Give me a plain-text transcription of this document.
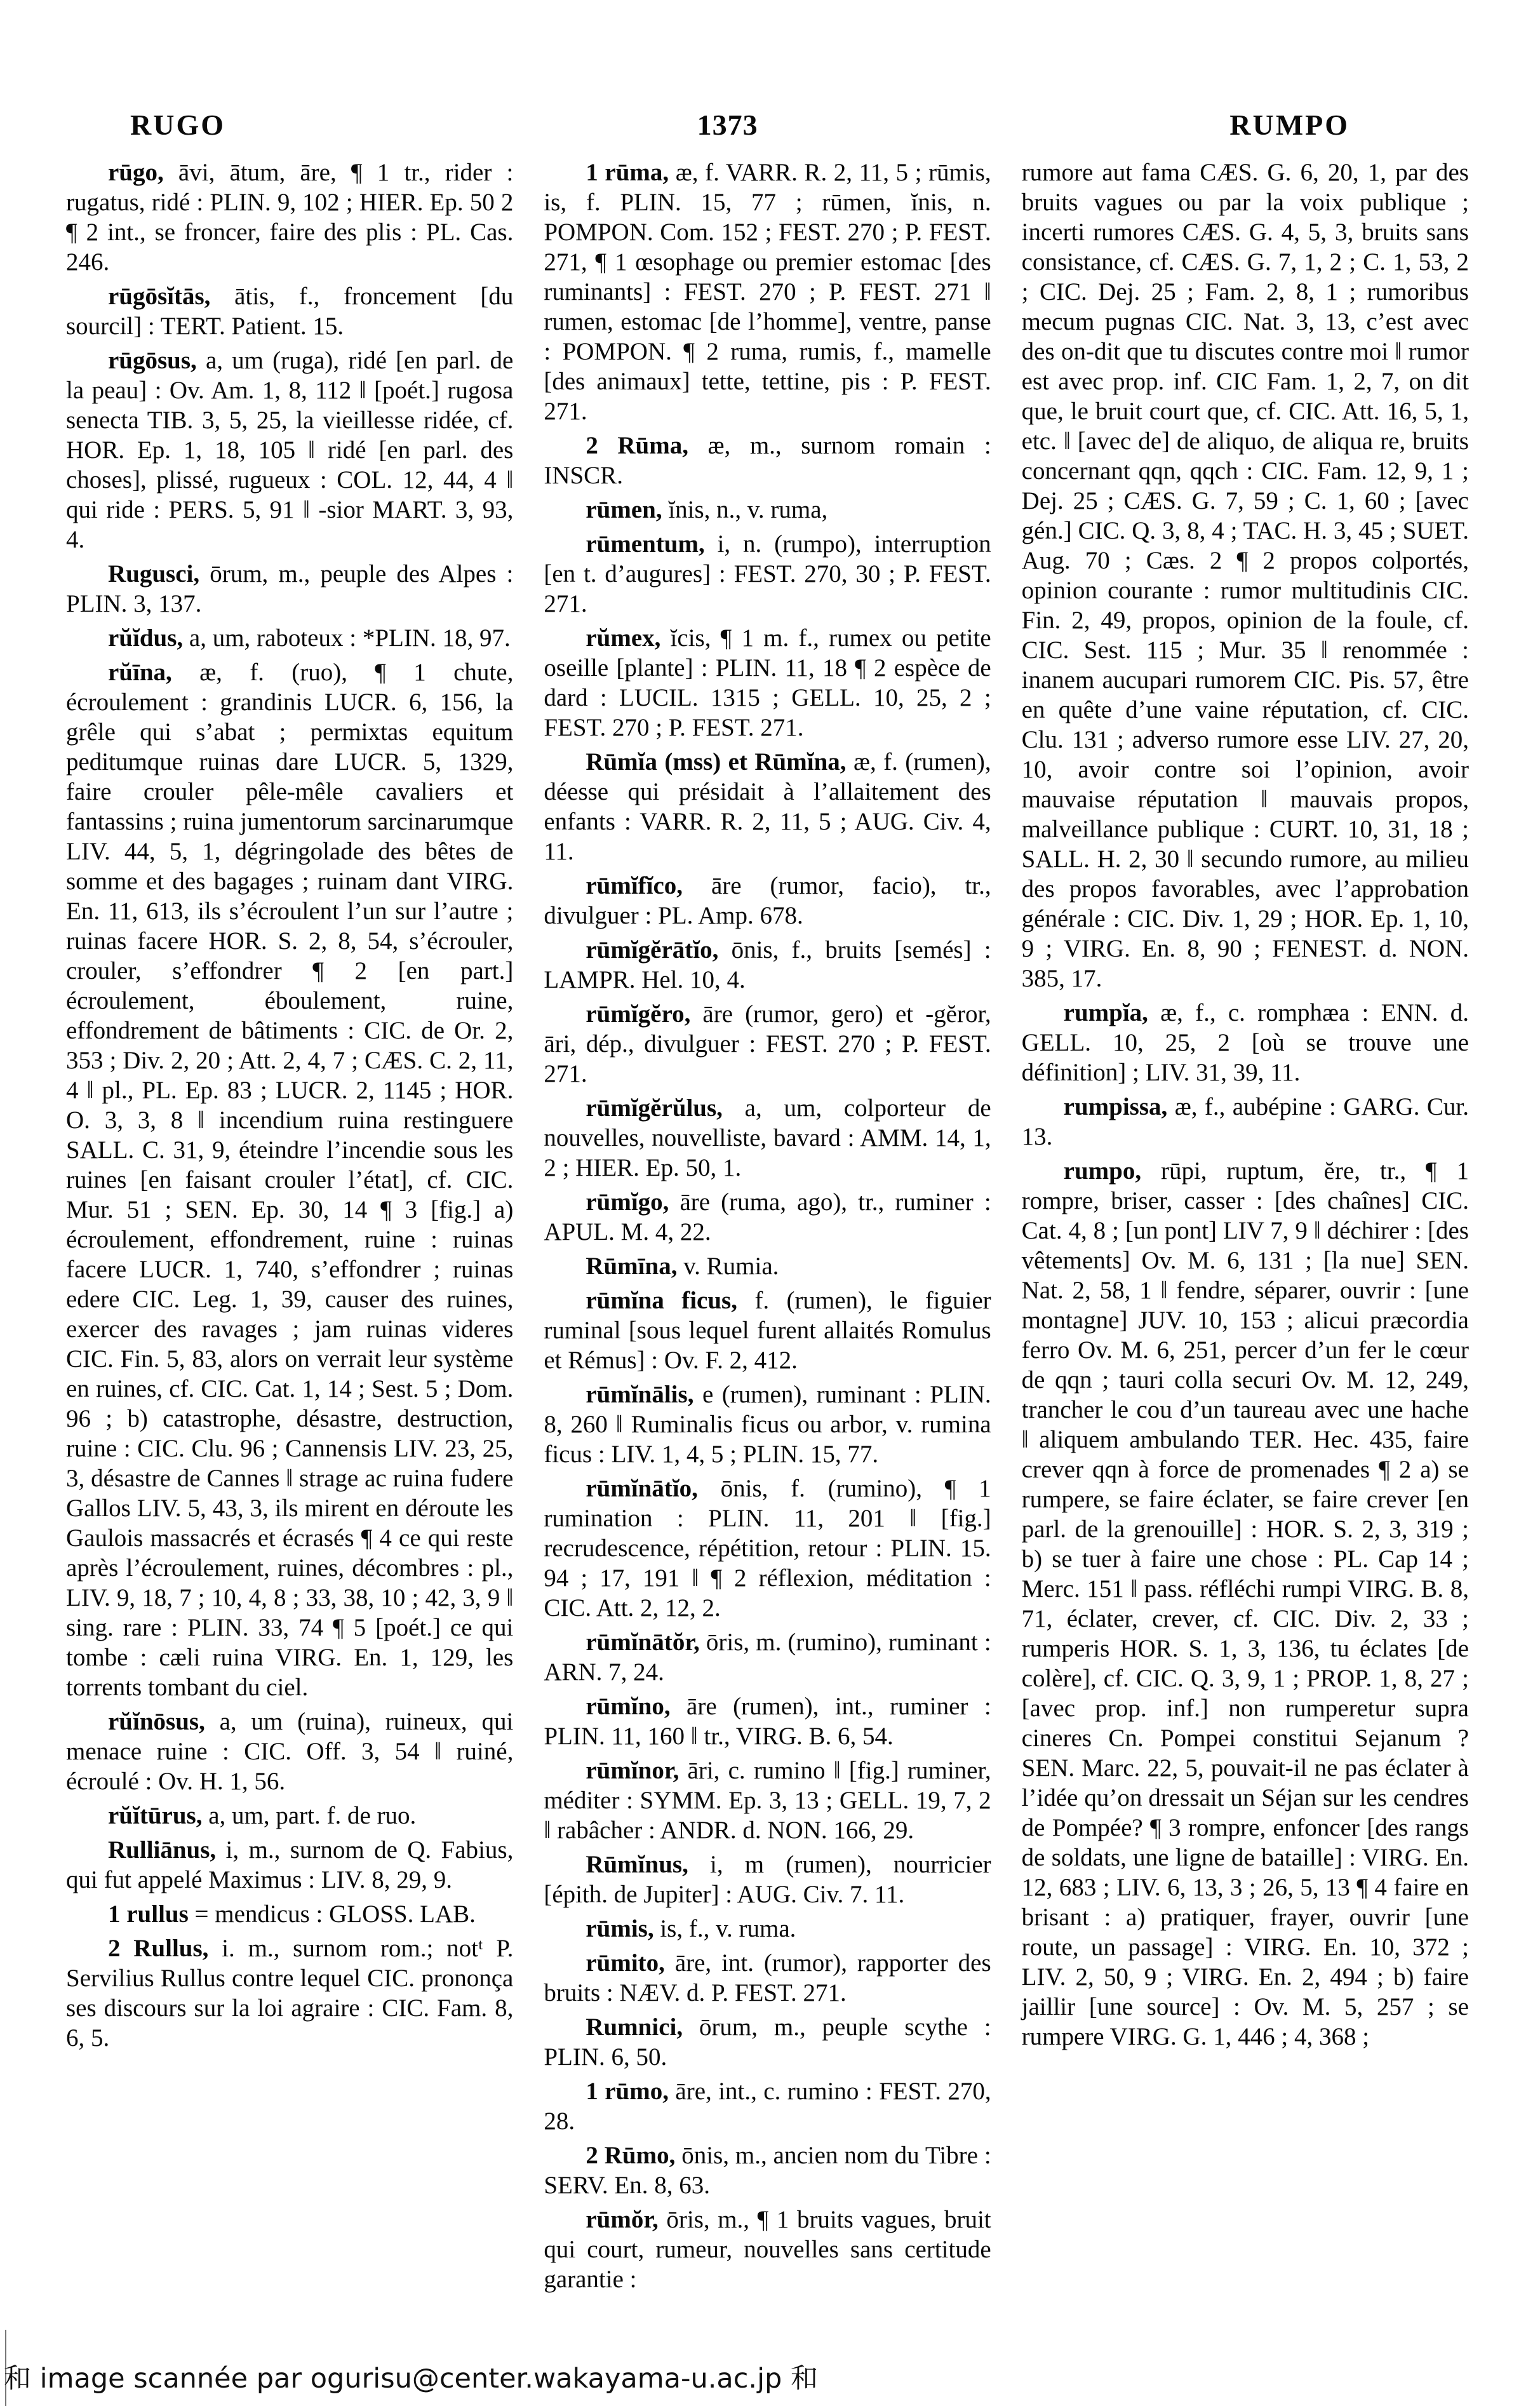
RUGO	1373	RUMPO

rūgo, āvi, ātum, āre, ¶ 1 tr., rider : rugatus, ridé : PLIN. 9, 102 ; HIER. Ep. 50 2 ¶ 2 int., se froncer, faire des plis : PL. Cas. 246.

rūgōsĭtās, ātis, f., froncement [du sourcil] : TERT. Patient. 15.

rūgōsus, a, um (ruga), ridé [en parl. de la peau] : Ov. Am. 1, 8, 112 ‖ [poét.] rugosa senecta TIB. 3, 5, 25, la vieillesse ridée, cf. HOR. Ep. 1, 18, 105 ‖ ridé [en parl. des choses], plissé, rugueux : COL. 12, 44, 4 ‖ qui ride : PERS. 5, 91 ‖ -sior MART. 3, 93, 4.

Rugusci, ōrum, m., peuple des Alpes : PLIN. 3, 137.

rŭĭdus, a, um, raboteux : *PLIN. 18, 97.

rŭīna, æ, f. (ruo), ¶ 1 chute, écroulement : grandinis LUCR. 6, 156, la grêle qui s’abat ; permixtas equitum peditumque ruinas dare LUCR. 5, 1329, faire crouler pêle-mêle cavaliers et fantassins ; ruina jumentorum sarcinarumque LIV. 44, 5, 1, dégringolade des bêtes de somme et des bagages ; ruinam dant VIRG. En. 11, 613, ils s’écroulent l’un sur l’autre ; ruinas facere HOR. S. 2, 8, 54, s’écrouler, crouler, s’effondrer ¶ 2 [en part.] écroulement, éboulement, ruine, effondrement de bâtiments : CIC. de Or. 2, 353 ; Div. 2, 20 ; Att. 2, 4, 7 ; CÆS. C. 2, 11, 4 ‖ pl., PL. Ep. 83 ; LUCR. 2, 1145 ; HOR. O. 3, 3, 8 ‖ incendium ruina restinguere SALL. C. 31, 9, éteindre l’incendie sous les ruines [en faisant crouler l’état], cf. CIC. Mur. 51 ; SEN. Ep. 30, 14 ¶ 3 [fig.] a) écroulement, effondrement, ruine : ruinas facere LUCR. 1, 740, s’effondrer ; ruinas edere CIC. Leg. 1, 39, causer des ruines, exercer des ravages ; jam ruinas videres CIC. Fin. 5, 83, alors on verrait leur système en ruines, cf. CIC. Cat. 1, 14 ; Sest. 5 ; Dom. 96 ; b) catastrophe, désastre, destruction, ruine : CIC. Clu. 96 ; Cannensis LIV. 23, 25, 3, désastre de Cannes ‖ strage ac ruina fudere Gallos LIV. 5, 43, 3, ils mirent en déroute les Gaulois massacrés et écrasés ¶ 4 ce qui reste après l’écroulement, ruines, décombres : pl., LIV. 9, 18, 7 ; 10, 4, 8 ; 33, 38, 10 ; 42, 3, 9 ‖ sing. rare : PLIN. 33, 74 ¶ 5 [poét.] ce qui tombe : cæli ruina VIRG. En. 1, 129, les torrents tombant du ciel.

rŭĭnōsus, a, um (ruina), ruineux, qui menace ruine : CIC. Off. 3, 54 ‖ ruiné, écroulé : Ov. H. 1, 56.

rŭĭtūrus, a, um, part. f. de ruo.

Rulliānus, i, m., surnom de Q. Fabius, qui fut appelé Maximus : LIV. 8, 29, 9.

1 rullus = mendicus : GLOSS. LAB.

2 Rullus, i. m., surnom rom.; notᵗ P. Servilius Rullus contre lequel CIC. prononça ses discours sur la loi agraire : CIC. Fam. 8, 6, 5.

1 rūma, æ, f. VARR. R. 2, 11, 5 ; rūmis, is, f. PLIN. 15, 77 ; rūmen, ĭnis, n. POMPON. Com. 152 ; FEST. 270 ; P. FEST. 271, ¶ 1 œsophage ou premier estomac [des ruminants] : FEST. 270 ; P. FEST. 271 ‖ rumen, estomac [de l’homme], ventre, panse : POMPON. ¶ 2 ruma, rumis, f., mamelle [des animaux] tette, tettine, pis : P. FEST. 271.

2 Rūma, æ, m., surnom romain : INSCR.

rūmen, ĭnis, n., v. ruma,

rūmentum, i, n. (rumpo), interruption [en t. d’augures] : FEST. 270, 30 ; P. FEST. 271.

rŭmex, ĭcis, ¶ 1 m. f., rumex ou petite oseille [plante] : PLIN. 11, 18 ¶ 2 espèce de dard : LUCIL. 1315 ; GELL. 10, 25, 2 ; FEST. 270 ; P. FEST. 271.

Rūmĭa (mss) et Rūmĭna, æ, f. (rumen), déesse qui présidait à l’allaitement des enfants : VARR. R. 2, 11, 5 ; AUG. Civ. 4, 11.

rūmĭfĭco, āre (rumor, facio), tr., divulguer : PL. Amp. 678.

rūmĭgĕrātĭo, ōnis, f., bruits [semés] : LAMPR. Hel. 10, 4.

rūmĭgĕro, āre (rumor, gero) et -gĕror, āri, dép., divulguer : FEST. 270 ; P. FEST. 271.

rūmĭgĕrŭlus, a, um, colporteur de nouvelles, nouvelliste, bavard : AMM. 14, 1, 2 ; HIER. Ep. 50, 1.

rūmĭgo, āre (ruma, ago), tr., ruminer : APUL. M. 4, 22.

Rūmīna, v. Rumia.

rūmĭna ficus, f. (rumen), le figuier ruminal [sous lequel furent allaités Romulus et Rémus] : Ov. F. 2, 412.

rūmĭnālis, e (rumen), ruminant : PLIN. 8, 260 ‖ Ruminalis ficus ou arbor, v. rumina ficus : LIV. 1, 4, 5 ; PLIN. 15, 77.

rūmĭnātĭo, ōnis, f. (rumino), ¶ 1 rumination : PLIN. 11, 201 ‖ [fig.] recrudescence, répétition, retour : PLIN. 15. 94 ; 17, 191 ‖ ¶ 2 réflexion, méditation : CIC. Att. 2, 12, 2.

rūmĭnātŏr, ōris, m. (rumino), ruminant : ARN. 7, 24.

rūmĭno, āre (rumen), int., ruminer : PLIN. 11, 160 ‖ tr., VIRG. B. 6, 54.

rūmĭnor, āri, c. rumino ‖ [fig.] ruminer, méditer : SYMM. Ep. 3, 13 ; GELL. 19, 7, 2 ‖ rabâcher : ANDR. d. NON. 166, 29.

Rūmĭnus, i, m (rumen), nourricier [épith. de Jupiter] : AUG. Civ. 7. 11.

rūmis, is, f., v. ruma.

rūmito, āre, int. (rumor), rapporter des bruits : NÆV. d. P. FEST. 271.

Rumnici, ōrum, m., peuple scythe : PLIN. 6, 50.

1 rūmo, āre, int., c. rumino : FEST. 270, 28.

2 Rūmo, ōnis, m., ancien nom du Tibre : SERV. En. 8, 63.

rūmŏr, ōris, m., ¶ 1 bruits vagues, bruit qui court, rumeur, nouvelles sans certitude garantie :

rumore aut fama CÆS. G. 6, 20, 1, par des bruits vagues ou par la voix publique ; incerti rumores CÆS. G. 4, 5, 3, bruits sans consistance, cf. CÆS. G. 7, 1, 2 ; C. 1, 53, 2 ; CIC. Dej. 25 ; Fam. 2, 8, 1 ; rumoribus mecum pugnas CIC. Nat. 3, 13, c’est avec des on-dit que tu discutes contre moi ‖ rumor est avec prop. inf. CIC Fam. 1, 2, 7, on dit que, le bruit court que, cf. CIC. Att. 16, 5, 1, etc. ‖ [avec de] de aliquo, de aliqua re, bruits concernant qqn, qqch : CIC. Fam. 12, 9, 1 ; Dej. 25 ; CÆS. G. 7, 59 ; C. 1, 60 ; [avec gén.] CIC. Q. 3, 8, 4 ; TAC. H. 3, 45 ; SUET. Aug. 70 ; Cæs. 2 ¶ 2 propos colportés, opinion courante : rumor multitudinis CIC. Fin. 2, 49, propos, opinion de la foule, cf. CIC. Sest. 115 ; Mur. 35 ‖ renommée : inanem aucupari rumorem CIC. Pis. 57, être en quête d’une vaine réputation, cf. CIC. Clu. 131 ; adverso rumore esse LIV. 27, 20, 10, avoir contre soi l’opinion, avoir mauvaise réputation ‖ mauvais propos, malveillance publique : CURT. 10, 31, 18 ; SALL. H. 2, 30 ‖ secundo rumore, au milieu des propos favorables, avec l’approbation générale : CIC. Div. 1, 29 ; HOR. Ep. 1, 10, 9 ; VIRG. En. 8, 90 ; FENEST. d. NON. 385, 17.

rumpĭa, æ, f., c. romphæa : ENN. d. GELL. 10, 25, 2 [où se trouve une définition] ; LIV. 31, 39, 11.

rumpissa, æ, f., aubépine : GARG. Cur. 13.

rumpo, rūpi, ruptum, ĕre, tr., ¶ 1 rompre, briser, casser : [des chaînes] CIC. Cat. 4, 8 ; [un pont] LIV 7, 9 ‖ déchirer : [des vêtements] Ov. M. 6, 131 ; [la nue] SEN. Nat. 2, 58, 1 ‖ fendre, séparer, ouvrir : [une montagne] JUV. 10, 153 ; alicui præcordia ferro Ov. M. 6, 251, percer d’un fer le cœur de qqn ; tauri colla securi Ov. M. 12, 249, trancher le cou d’un taureau avec une hache ‖ aliquem ambulando TER. Hec. 435, faire crever qqn à force de promenades ¶ 2 a) se rumpere, se faire éclater, se faire crever [en parl. de la grenouille] : HOR. S. 2, 3, 319 ; b) se tuer à faire une chose : PL. Cap 14 ; Merc. 151 ‖ pass. réfléchi rumpi VIRG. B. 8, 71, éclater, crever, cf. CIC. Div. 2, 33 ; rumperis HOR. S. 1, 3, 136, tu éclates [de colère], cf. CIC. Q. 3, 9, 1 ; PROP. 1, 8, 27 ; [avec prop. inf.] non rumperetur supra cineres Cn. Pompei constitui Sejanum ? SEN. Marc. 22, 5, pouvait-il ne pas éclater à l’idée qu’on dressait un Séjan sur les cendres de Pompée? ¶ 3 rompre, enfoncer [des rangs de soldats, une ligne de bataille] : VIRG. En. 12, 683 ; LIV. 6, 13, 3 ; 26, 5, 13 ¶ 4 faire en brisant : a) pratiquer, frayer, ouvrir [une route, un passage] : VIRG. En. 10, 372 ; LIV. 2, 50, 9 ; VIRG. En. 2, 494 ; b) faire jaillir [une source] : Ov. M. 5, 257 ; se rumpere VIRG. G. 1, 446 ; 4, 368 ;

和 image scannée par ogurisu@center.wakayama-u.ac.jp 和
